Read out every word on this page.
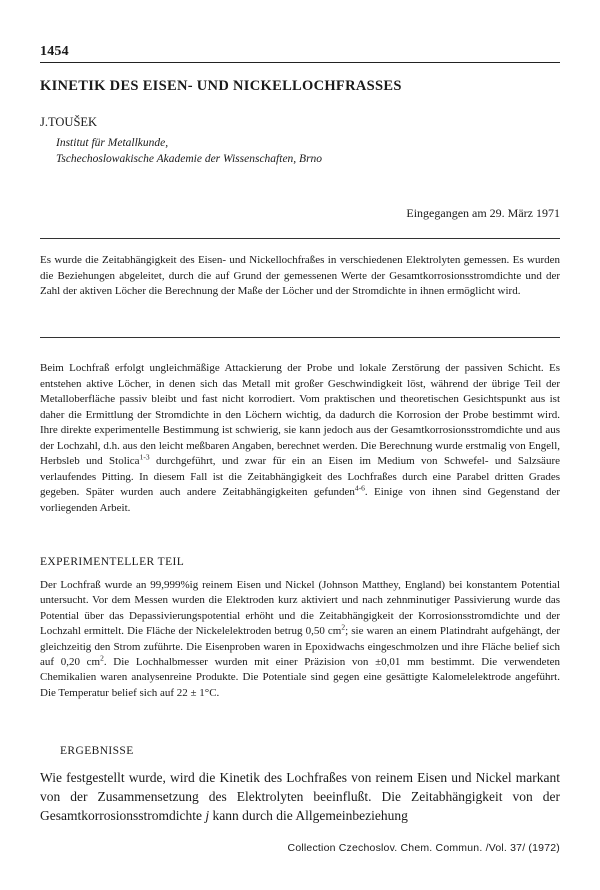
1454
KINETIK DES EISEN- UND NICKELLOCHFRASSES
J.TOUŠEK
Institut für Metallkunde,
Tschechoslowakische Akademie der Wissenschaften, Brno
Eingegangen am 29. März 1971
Es wurde die Zeitabhängigkeit des Eisen- und Nickellochfraßes in verschiedenen Elektrolyten gemessen. Es wurden die Beziehungen abgeleitet, durch die auf Grund der gemessenen Werte der Gesamtkorrosionsstromdichte und der Zahl der aktiven Löcher die Berechnung der Maße der Löcher und der Stromdichte in ihnen ermöglicht wird.
Beim Lochfraß erfolgt ungleichmäßige Attackierung der Probe und lokale Zerstörung der passiven Schicht. Es entstehen aktive Löcher, in denen sich das Metall mit großer Geschwindigkeit löst, während der übrige Teil der Metalloberfläche passiv bleibt und fast nicht korrodiert. Vom praktischen und theoretischen Gesichtspunkt aus ist daher die Ermittlung der Stromdichte in den Löchern wichtig, da dadurch die Korrosion der Probe bestimmt wird. Ihre direkte experimentelle Bestimmung ist schwierig, sie kann jedoch aus der Gesamtkorrosionsstromdichte und aus der Lochzahl, d.h. aus den leicht meßbaren Angaben, berechnet werden. Die Berechnung wurde erstmalig von Engell, Herbsleb und Stolica$^{1-3}$ durchgeführt, und zwar für ein an Eisen im Medium von Schwefel- und Salzsäure verlaufendes Pitting. In diesem Fall ist die Zeitabhängigkeit des Lochfraßes durch eine Parabel dritten Grades gegeben. Später wurden auch andere Zeitabhängigkeiten gefunden$^{4-6}$. Einige von ihnen sind Gegenstand der vorliegenden Arbeit.
EXPERIMENTELLER TEIL
Der Lochfraß wurde an 99,999%ig reinem Eisen und Nickel (Johnson Matthey, England) bei konstantem Potential untersucht. Vor dem Messen wurden die Elektroden kurz aktiviert und nach zehnminutiger Passivierung wurde das Potential über das Depassivierungspotential erhöht und die Zeitabhängigkeit der Korrosionsstromdichte und der Lochzahl ermittelt. Die Fläche der Nickelelektroden betrug 0,50 $cm^2$; sie waren an einem Platindraht aufgehängt, der gleichzeitig den Strom zuführte. Die Eisenproben waren in Epoxidwachs eingeschmolzen und ihre Fläche belief sich auf 0,20 $cm^2$. Die Lochhalbmesser wurden mit einer Präzision von ±0,01 mm bestimmt. Die verwendeten Chemikalien waren analysenreine Produkte. Die Potentiale sind gegen eine gesättigte Kalomelelektrode angeführt. Die Temperatur belief sich auf 22 ± 1°C.
ERGEBNISSE
Wie festgestellt wurde, wird die Kinetik des Lochfraßes von reinem Eisen und Nickel markant von der Zusammensetzung des Elektrolyten beeinflußt. Die Zeitabhängigkeit von der Gesamtkorrosionsstromdichte j kann durch die Allgemeinbeziehung
Collection Czechoslov. Chem. Commun. /Vol. 37/ (1972)
